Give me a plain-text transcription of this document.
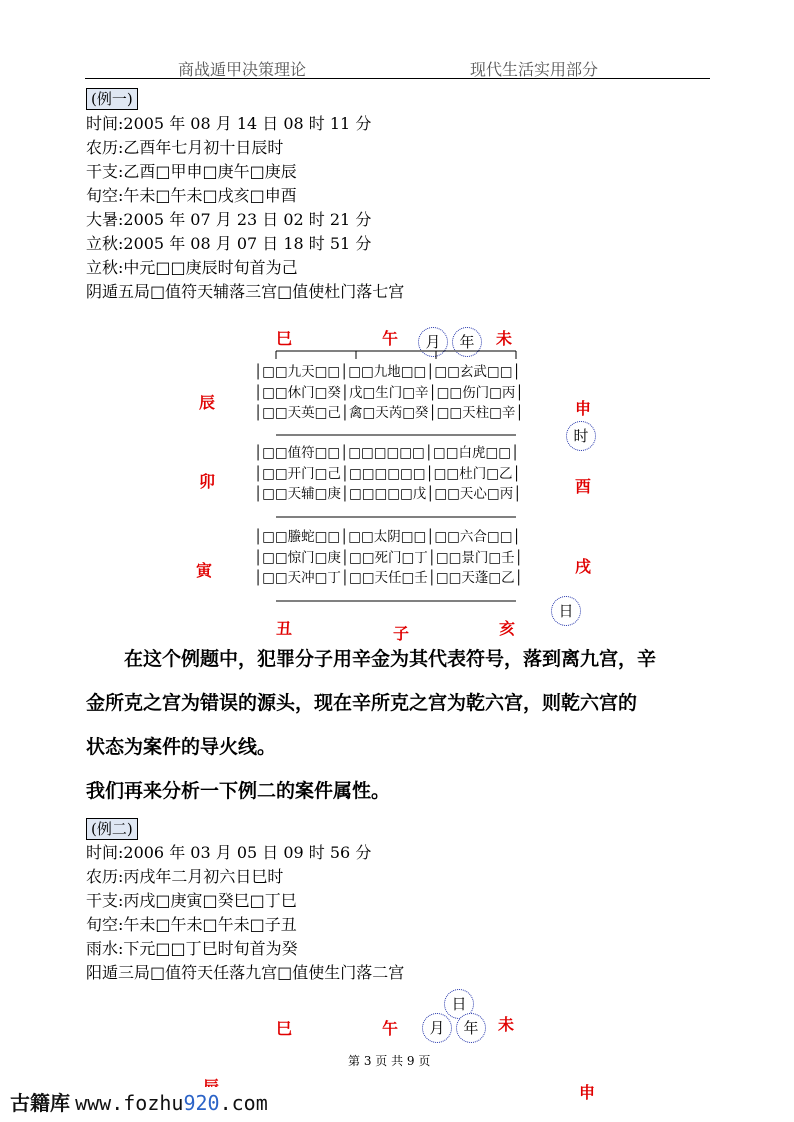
商战遁甲决策理论	现代生活实用部分
(例一)
时间:2005 年 08 月 14 日 08 时 11 分
农历:乙酉年七月初十日辰时
干支:乙酉□甲申□庚午□庚辰
旬空:午未□午未□戌亥□申酉
大暑:2005 年 07 月 23 日 02 时 21 分
立秋:2005 年 08 月 07 日 18 时 51 分
立秋:中元□□庚辰时旬首为己
阴遁五局□值符天辅落三宫□值使杜门落七宫
巳	午	未
辰	申
卯	酉
寅	戌
丑	子	亥
月	年
时
日
│□□九天□□│□□九地□□│□□玄武□□│
│□□休门□癸│戊□生门□辛│□□伤门□丙│
│□□天英□己│禽□天芮□癸│□□天柱□辛│
│□□值符□□│□□□□□□│□□白虎□□│
│□□开门□己│□□□□□□│□□杜门□乙│
│□□天辅□庚│□□□□□戊│□□天心□丙│
│□□螣蛇□□│□□太阴□□│□□六合□□│
│□□惊门□庚│□□死门□丁│□□景门□壬│
│□□天冲□丁│□□天任□壬│□□天蓬□乙│
　　在这个例题中，犯罪分子用辛金为其代表符号，落到离九宫，辛
金所克之宫为错误的源头，现在辛所克之宫为乾六宫，则乾六宫的
状态为案件的导火线。
我们再来分析一下例二的案件属性。
(例二)
时间:2006 年 03 月 05 日 09 时 56 分
农历:丙戌年二月初六日巳时
干支:丙戌□庚寅□癸巳□丁巳
旬空:午未□午未□午未□子丑
雨水:下元□□丁巳时旬首为癸
阳遁三局□值符天任落九宫□值使生门落二宫
巳	午	未
申
日
月	年
第 3 页 共 9 页
古籍库 www.fozhu920.com
